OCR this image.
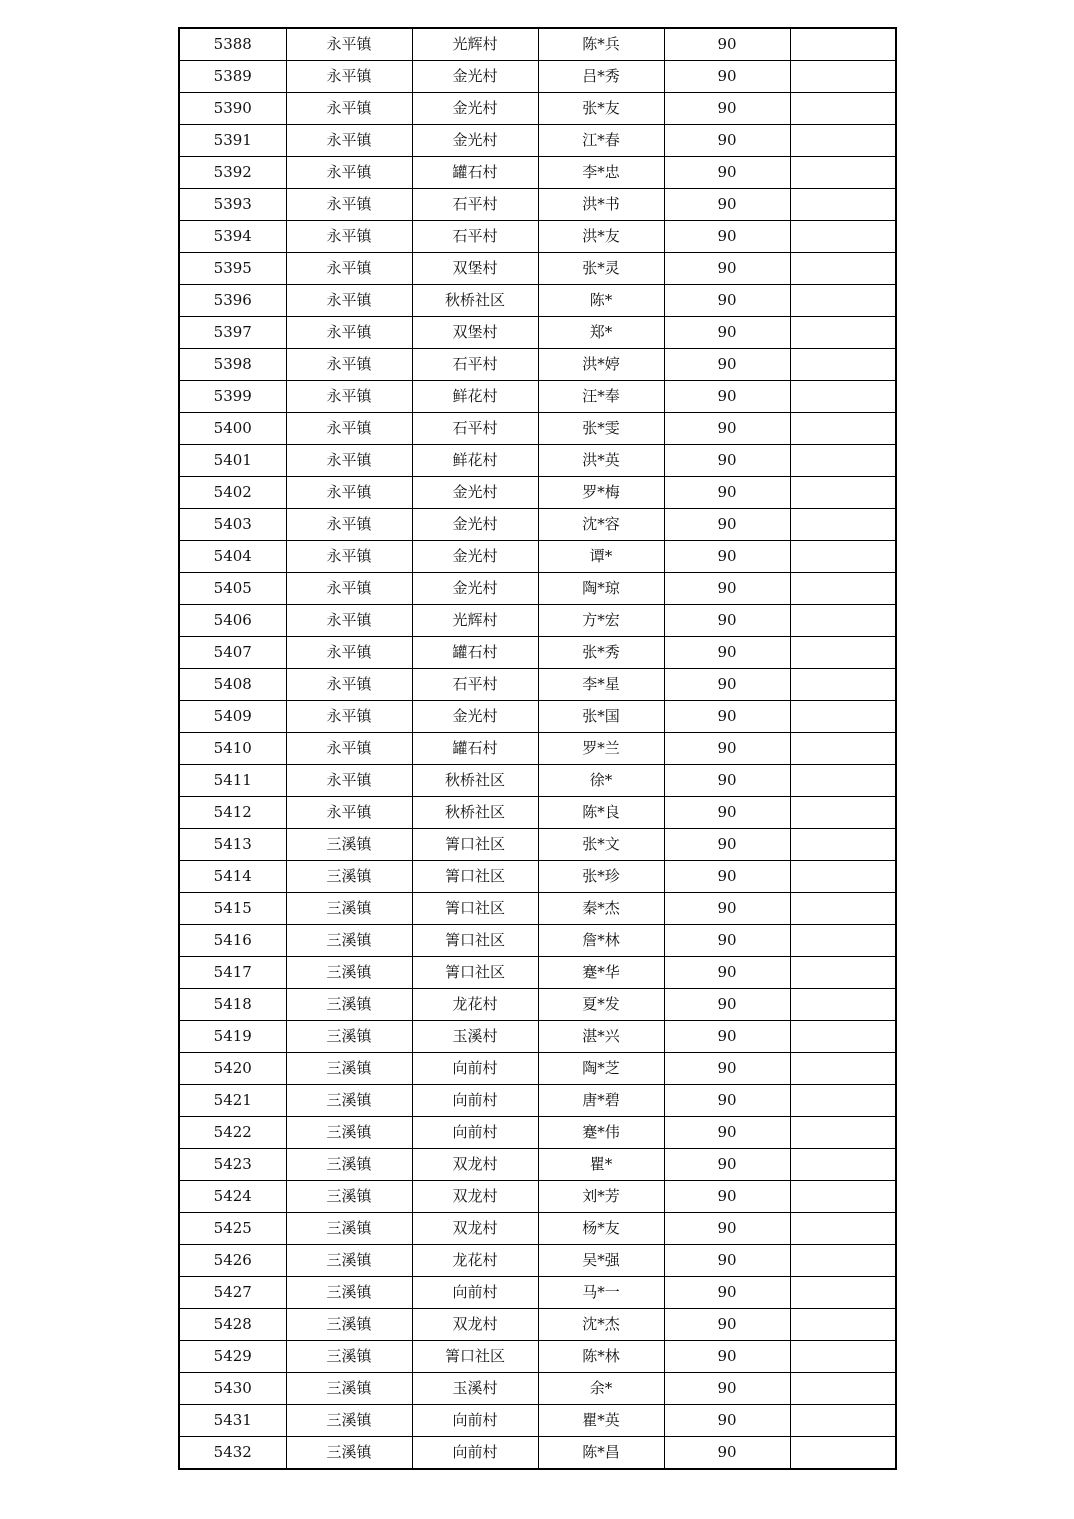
5388	永平镇	光辉村	陈*兵	90	
5389	永平镇	金光村	吕*秀	90	
5390	永平镇	金光村	张*友	90	
5391	永平镇	金光村	江*春	90	
5392	永平镇	罐石村	李*忠	90	
5393	永平镇	石平村	洪*书	90	
5394	永平镇	石平村	洪*友	90	
5395	永平镇	双堡村	张*灵	90	
5396	永平镇	秋桥社区	陈*	90	
5397	永平镇	双堡村	郑*	90	
5398	永平镇	石平村	洪*婷	90	
5399	永平镇	鲜花村	汪*奉	90	
5400	永平镇	石平村	张*雯	90	
5401	永平镇	鲜花村	洪*英	90	
5402	永平镇	金光村	罗*梅	90	
5403	永平镇	金光村	沈*容	90	
5404	永平镇	金光村	谭*	90	
5405	永平镇	金光村	陶*琼	90	
5406	永平镇	光辉村	方*宏	90	
5407	永平镇	罐石村	张*秀	90	
5408	永平镇	石平村	李*星	90	
5409	永平镇	金光村	张*国	90	
5410	永平镇	罐石村	罗*兰	90	
5411	永平镇	秋桥社区	徐*	90	
5412	永平镇	秋桥社区	陈*良	90	
5413	三溪镇	箐口社区	张*文	90	
5414	三溪镇	箐口社区	张*珍	90	
5415	三溪镇	箐口社区	秦*杰	90	
5416	三溪镇	箐口社区	詹*林	90	
5417	三溪镇	箐口社区	蹇*华	90	
5418	三溪镇	龙花村	夏*发	90	
5419	三溪镇	玉溪村	湛*兴	90	
5420	三溪镇	向前村	陶*芝	90	
5421	三溪镇	向前村	唐*碧	90	
5422	三溪镇	向前村	蹇*伟	90	
5423	三溪镇	双龙村	瞿*	90	
5424	三溪镇	双龙村	刘*芳	90	
5425	三溪镇	双龙村	杨*友	90	
5426	三溪镇	龙花村	吴*强	90	
5427	三溪镇	向前村	马*一	90	
5428	三溪镇	双龙村	沈*杰	90	
5429	三溪镇	箐口社区	陈*林	90	
5430	三溪镇	玉溪村	余*	90	
5431	三溪镇	向前村	瞿*英	90	
5432	三溪镇	向前村	陈*昌	90	
